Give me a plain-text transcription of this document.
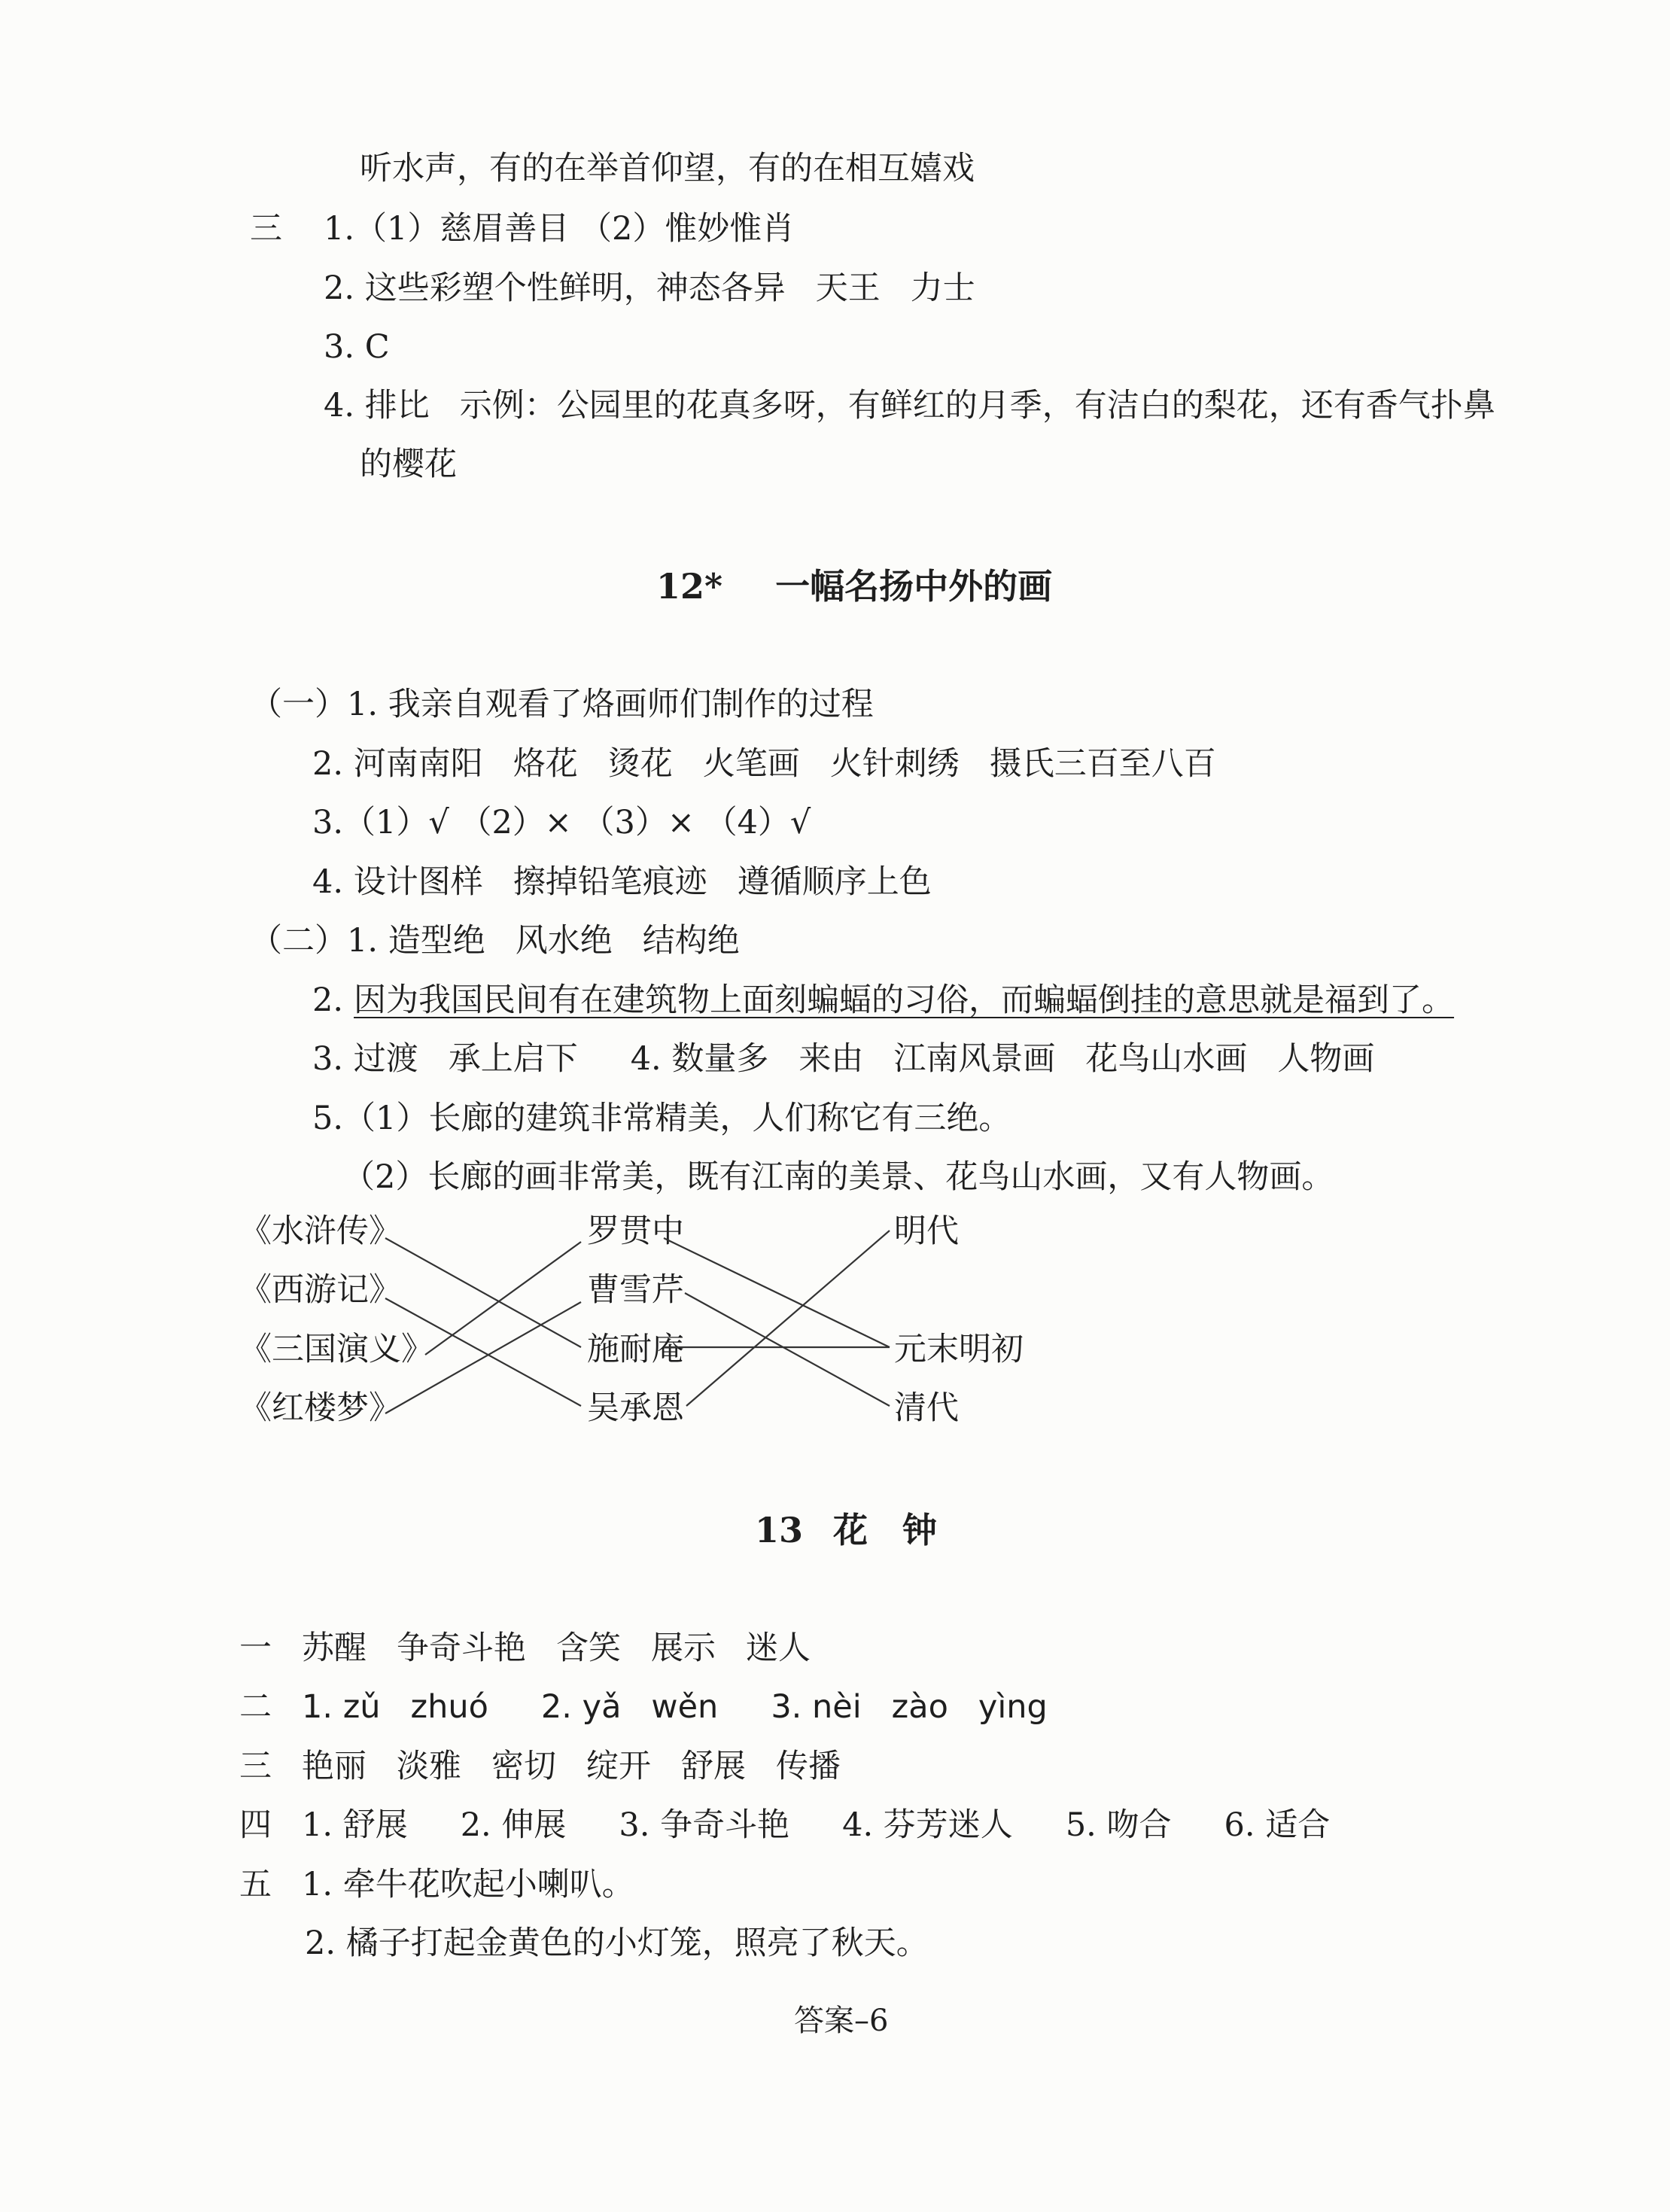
听水声，有的在举首仰望，有的在相互嬉戏
三 1.（1）慈眉善目 （2）惟妙惟肖
2. 这些彩塑个性鲜明，神态各异 天王 力士
3. C
4. 排比 示例：公园里的花真多呀，有鲜红的月季，有洁白的梨花，还有香气扑鼻
的樱花
12* 一幅名扬中外的画
（一）1. 我亲自观看了烙画师们制作的过程
2. 河南南阳 烙花 烫花 火笔画 火针刺绣 摄氏三百至八百
3.（1）√ （2）× （3）× （4）√
4. 设计图样 擦掉铅笔痕迹 遵循顺序上色
（二）1. 造型绝 风水绝 结构绝
2. 因为我国民间有在建筑物上面刻蝙蝠的习俗，而蝙蝠倒挂的意思就是福到了。
3. 过渡 承上启下 4. 数量多 来由 江南风景画 花鸟山水画 人物画
5.（1）长廊的建筑非常精美，人们称它有三绝。
（2）长廊的画非常美，既有江南的美景、花鸟山水画，又有人物画。
《水浒传》
《西游记》
《三国演义》
《红楼梦》
罗贯中
曹雪芹
施耐庵
吴承恩
明代
元末明初
清代
13 花　钟
一 苏醒 争奇斗艳 含笑 展示 迷人
二 1. zǔ zhuó 2. yǎ wěn 3. nèi zào yìng
三 艳丽 淡雅 密切 绽开 舒展 传播
四 1. 舒展 2. 伸展 3. 争奇斗艳 4. 芬芳迷人 5. 吻合 6. 适合
五 1. 牵牛花吹起小喇叭。
2. 橘子打起金黄色的小灯笼，照亮了秋天。
答案–6
